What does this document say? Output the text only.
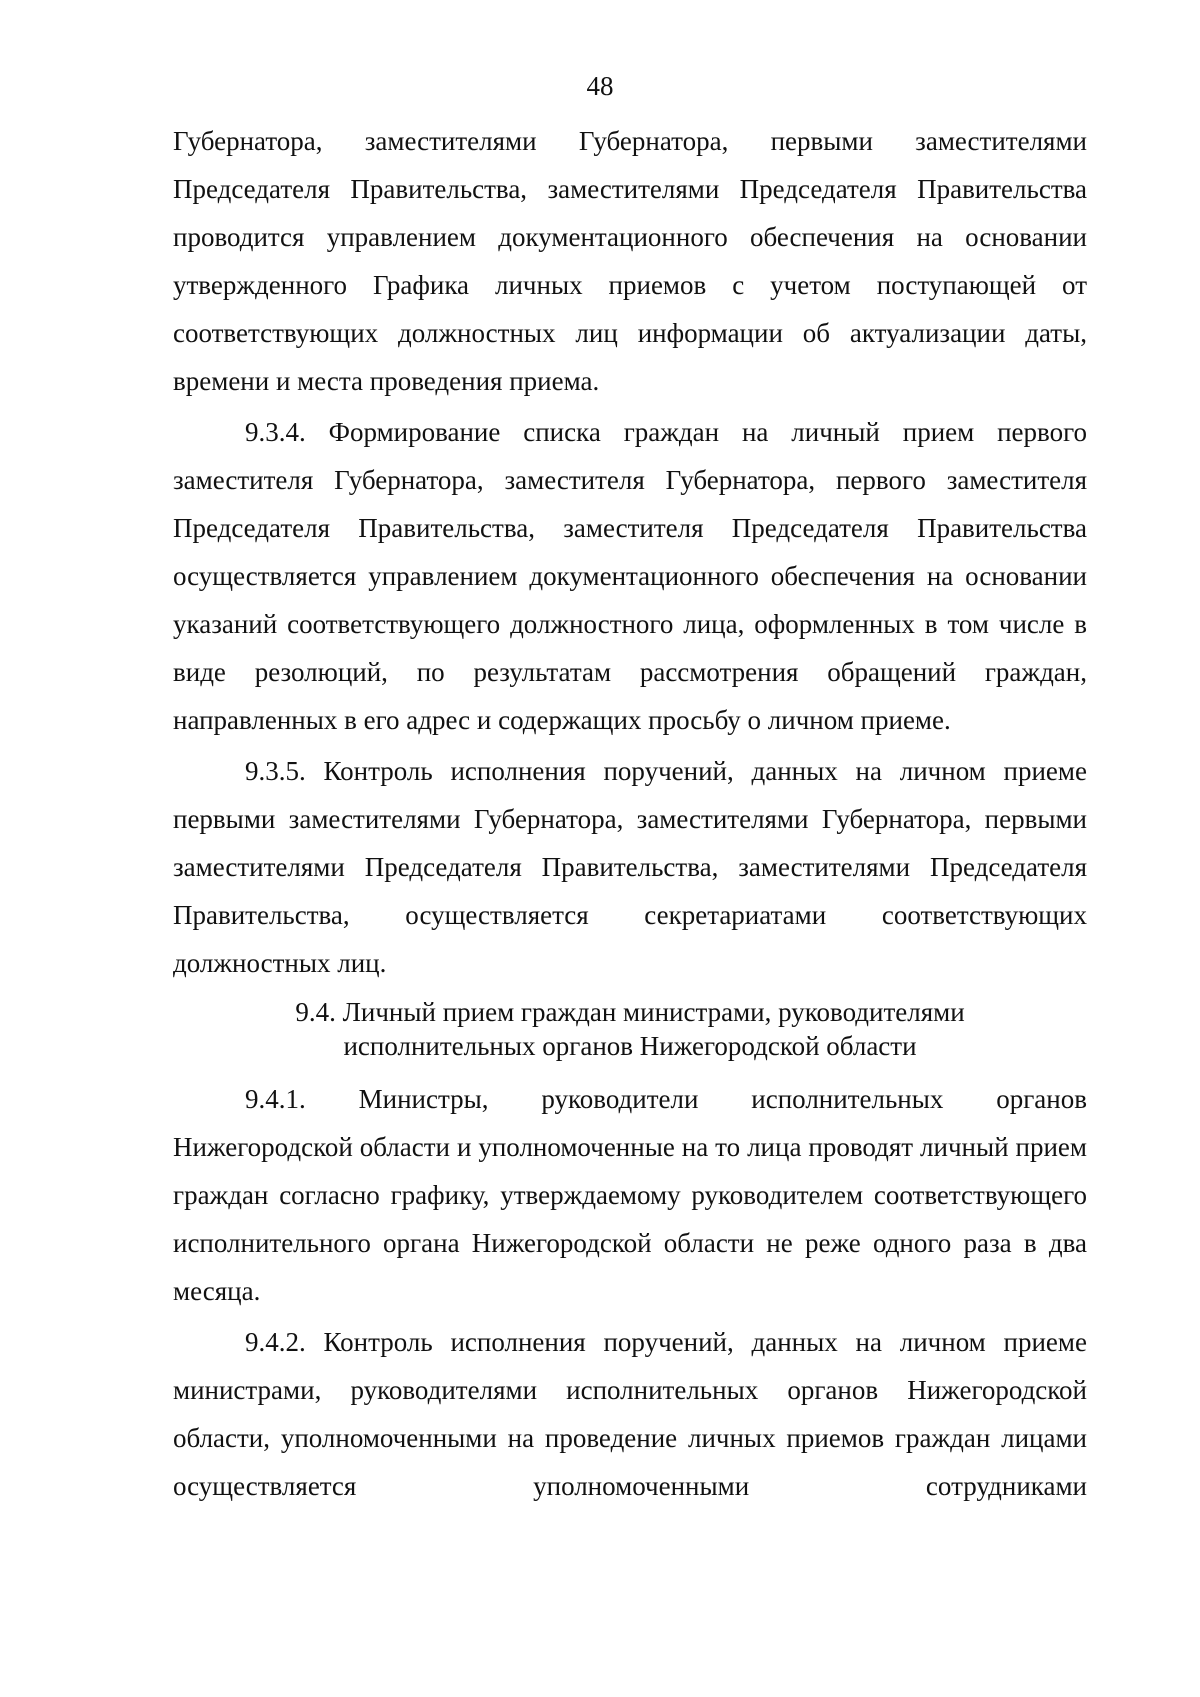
48

Губернатора, заместителями Губернатора, первыми заместителями Председателя Правительства, заместителями Председателя Правительства проводится управлением документационного обеспечения на основании утвержденного Графика личных приемов с учетом поступающей от соответствующих должностных лиц информации об актуализации даты, времени и места проведения приема.

9.3.4. Формирование списка граждан на личный прием первого заместителя Губернатора, заместителя Губернатора, первого заместителя Председателя Правительства, заместителя Председателя Правительства осуществляется управлением документационного обеспечения на основании указаний соответствующего должностного лица, оформленных в том числе в виде резолюций, по результатам рассмотрения обращений граждан, направленных в его адрес и содержащих просьбу о личном приеме.

9.3.5. Контроль исполнения поручений, данных на личном приеме первыми заместителями Губернатора, заместителями Губернатора, первыми заместителями Председателя Правительства, заместителями Председателя Правительства, осуществляется секретариатами соответствующих должностных лиц.

9.4. Личный прием граждан министрами, руководителями
исполнительных органов Нижегородской области

9.4.1. Министры, руководители исполнительных органов Нижегородской области и уполномоченные на то лица проводят личный прием граждан согласно графику, утверждаемому руководителем соответствующего исполнительного органа Нижегородской области не реже одного раза в два месяца.

9.4.2. Контроль исполнения поручений, данных на личном приеме министрами, руководителями исполнительных органов Нижегородской области, уполномоченными на проведение личных приемов граждан лицами осуществляется уполномоченными сотрудниками
